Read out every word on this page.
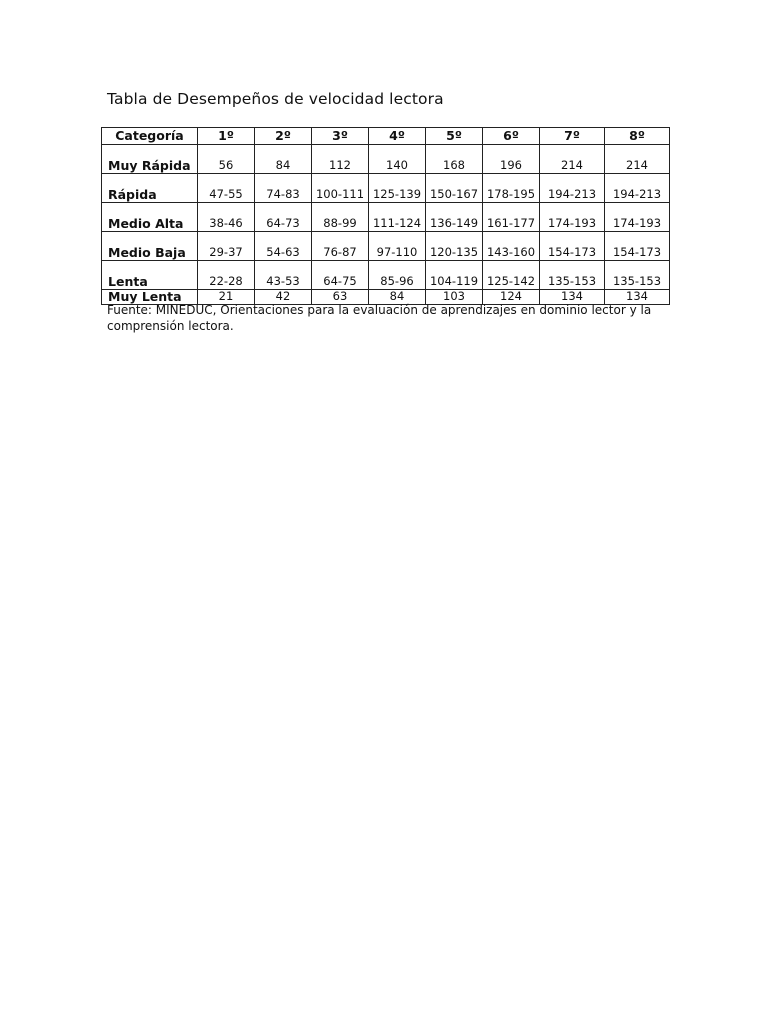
Tabla de Desempeños de velocidad lectora
Categoría	1º	2º	3º	4º	5º	6º	7º	8º
Muy Rápida	56	84	112	140	168	196	214	214
Rápida	47-55	74-83	100-111	125-139	150-167	178-195	194-213	194-213
Medio Alta	38-46	64-73	88-99	111-124	136-149	161-177	174-193	174-193
Medio Baja	29-37	54-63	76-87	97-110	120-135	143-160	154-173	154-173
Lenta	22-28	43-53	64-75	85-96	104-119	125-142	135-153	135-153
Muy Lenta	21	42	63	84	103	124	134	134
Fuente: MINEDUC, Orientaciones para la evaluación de aprendizajes en dominio lector y la comprensión lectora.
